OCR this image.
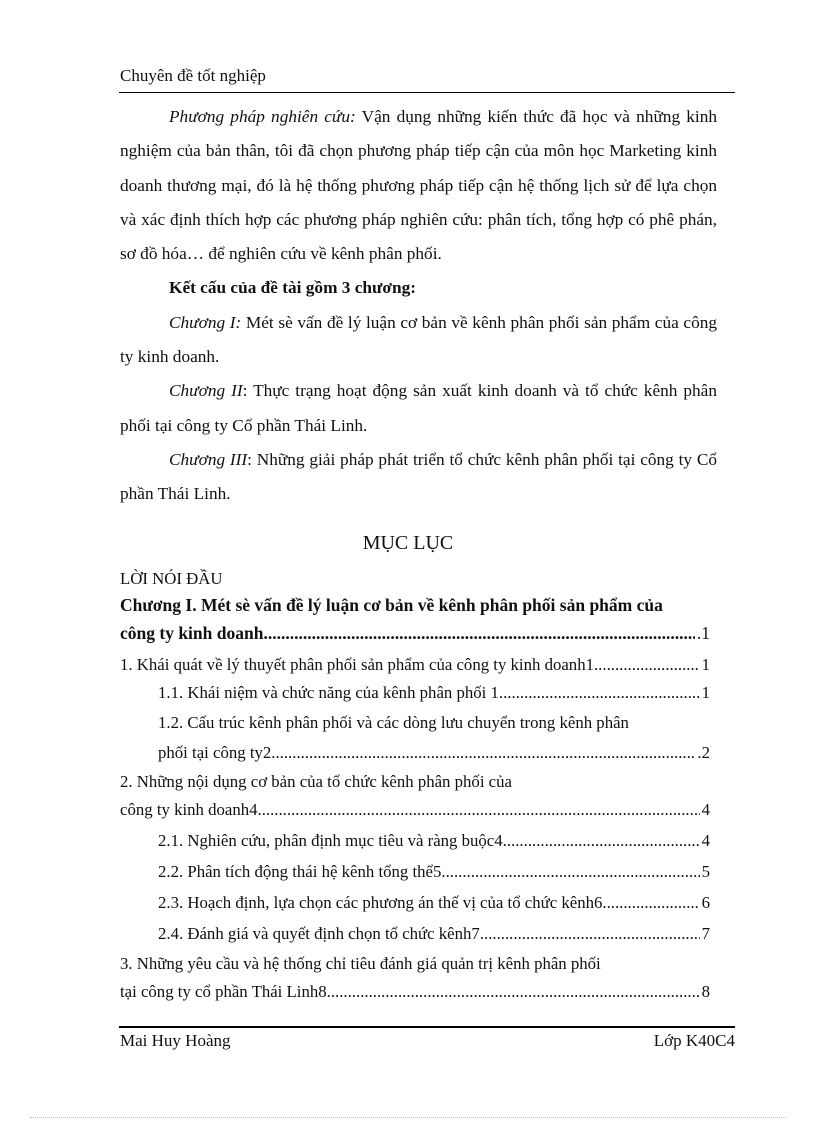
Chuyên đề tốt nghiệp

Phương pháp nghiên cứu: Vận dụng những kiến thức đã học và những kinh nghiệm của bản thân, tôi đã chọn phương pháp tiếp cận của môn học Marketing kinh doanh thương mại, đó là hệ thống phương pháp tiếp cận hệ thống lịch sử để lựa chọn và xác định thích hợp các phương pháp nghiên cứu: phân tích, tổng hợp có phê phán, sơ đồ hóa… để nghiên cứu về kênh phân phối.

Kết cấu của đề tài gồm 3 chương:

Chương I: Mét sè vấn đề lý luận cơ bản về kênh phân phối sản phẩm của công ty kinh doanh.

Chương II: Thực trạng hoạt động sản xuất kinh doanh và tổ chức kênh phân phối tại công ty Cổ phần Thái Linh.

Chương III: Những giải pháp phát triển tổ chức kênh phân phối tại công ty Cổ phần Thái Linh.

MỤC LỤC
LỜI NÓI ĐẦU
Chương I. Mét sè vấn đề lý luận cơ bản về kênh phân phối sản phẩm của
công ty kinh doanh .....	.1
1. Khái quát về lý thuyết phân phối sản phẩm của công ty kinh doanh1 .....	1
1.1. Khái niệm và chức năng của kênh phân phối 1 .....	1
1.2. Cấu trúc kênh phân phối và các dòng lưu chuyển trong kênh phân
phối tại công ty2 .....	.2
2. Những nội dụng cơ bản của tổ chức kênh phân phối của
công ty kinh doanh4 .....	4
2.1. Nghiên cứu, phân định mục tiêu và ràng buộc4 .....	4
2.2. Phân tích động thái hệ kênh tổng thể5 .....	5
2.3. Hoạch định, lựa chọn các phương án thế vị của tổ chức kênh6 .....	6
2.4. Đánh giá và quyết định chọn tổ chức kênh7 .....	7
3. Những yêu cầu và hệ thống chỉ tiêu đánh giá quản trị kênh phân phối
tại công ty cổ phần Thái Linh8 .....	8
Mai Huy Hoàng	Lớp K40C4
